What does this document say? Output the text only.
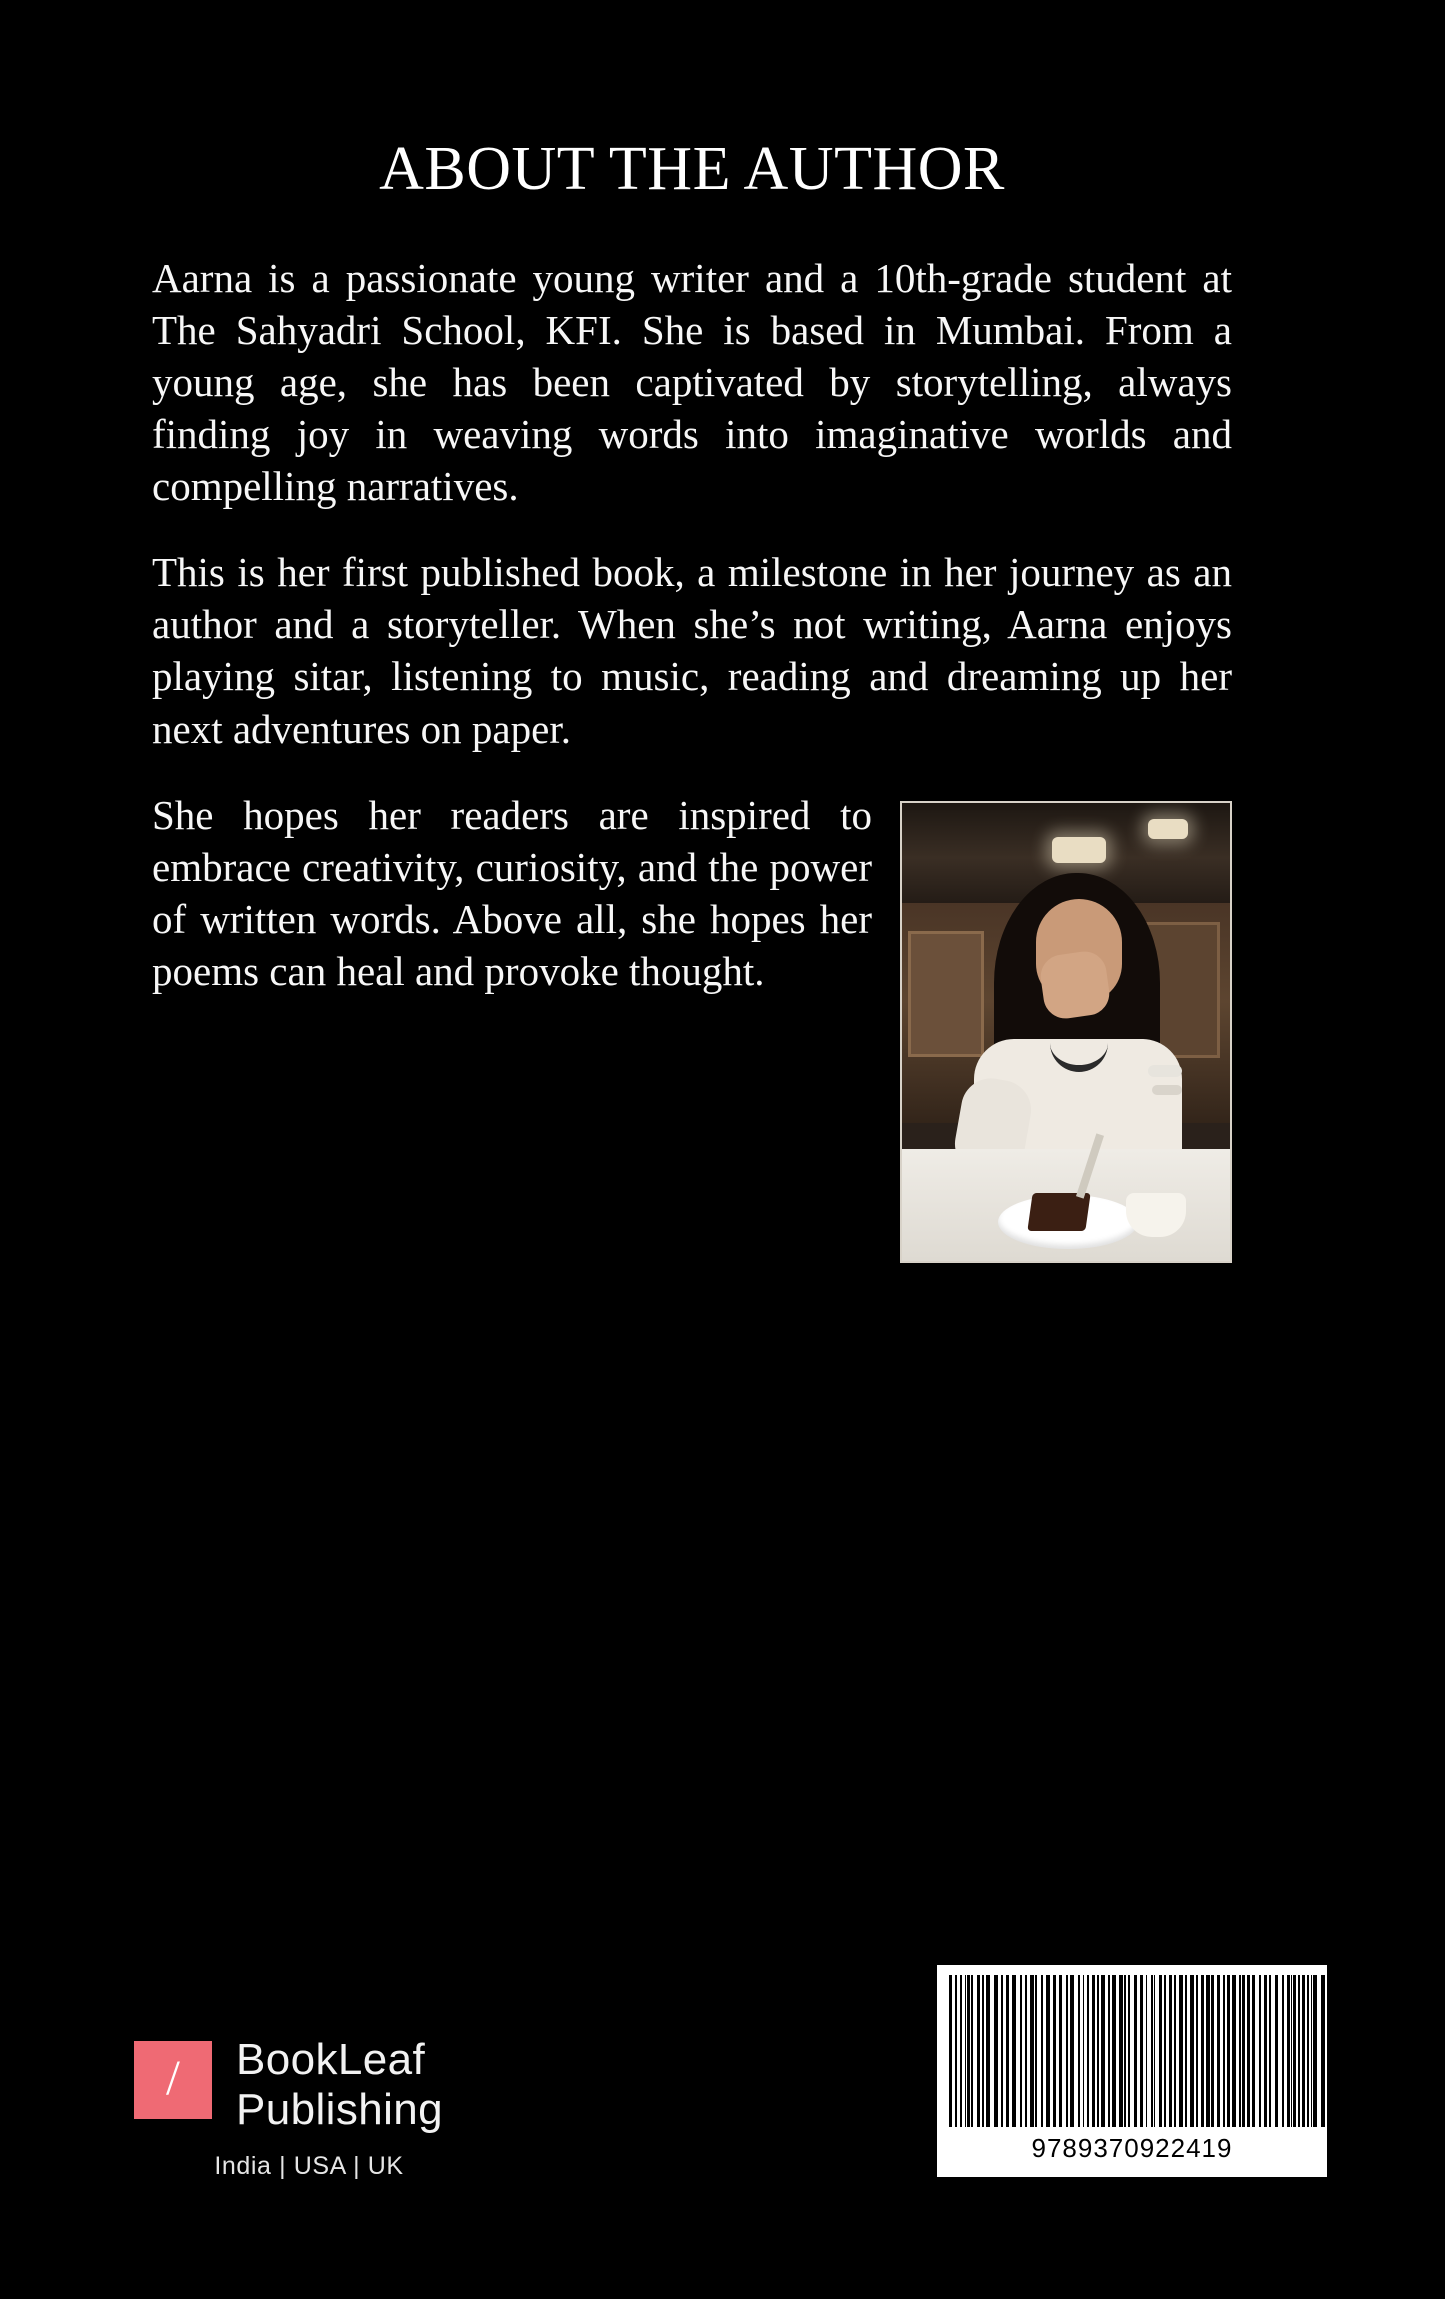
ABOUT THE AUTHOR

Aarna is a passionate young writer and a 10th-grade student at The Sahyadri School, KFI. She is based in Mumbai. From a young age, she has been captivated by storytelling, always finding joy in weaving words into imaginative worlds and compelling narratives.

This is her first published book, a milestone in her journey as an author and a storyteller. When she’s not writing, Aarna enjoys playing sitar, listening to music, reading and dreaming up her next adventures on paper.

She hopes her readers are inspired to embrace creativity, curiosity, and the power of written words. Above all, she hopes her poems can heal and provoke thought.

/ BookLeaf
Publishing
India | USA | UK
9789370922419
